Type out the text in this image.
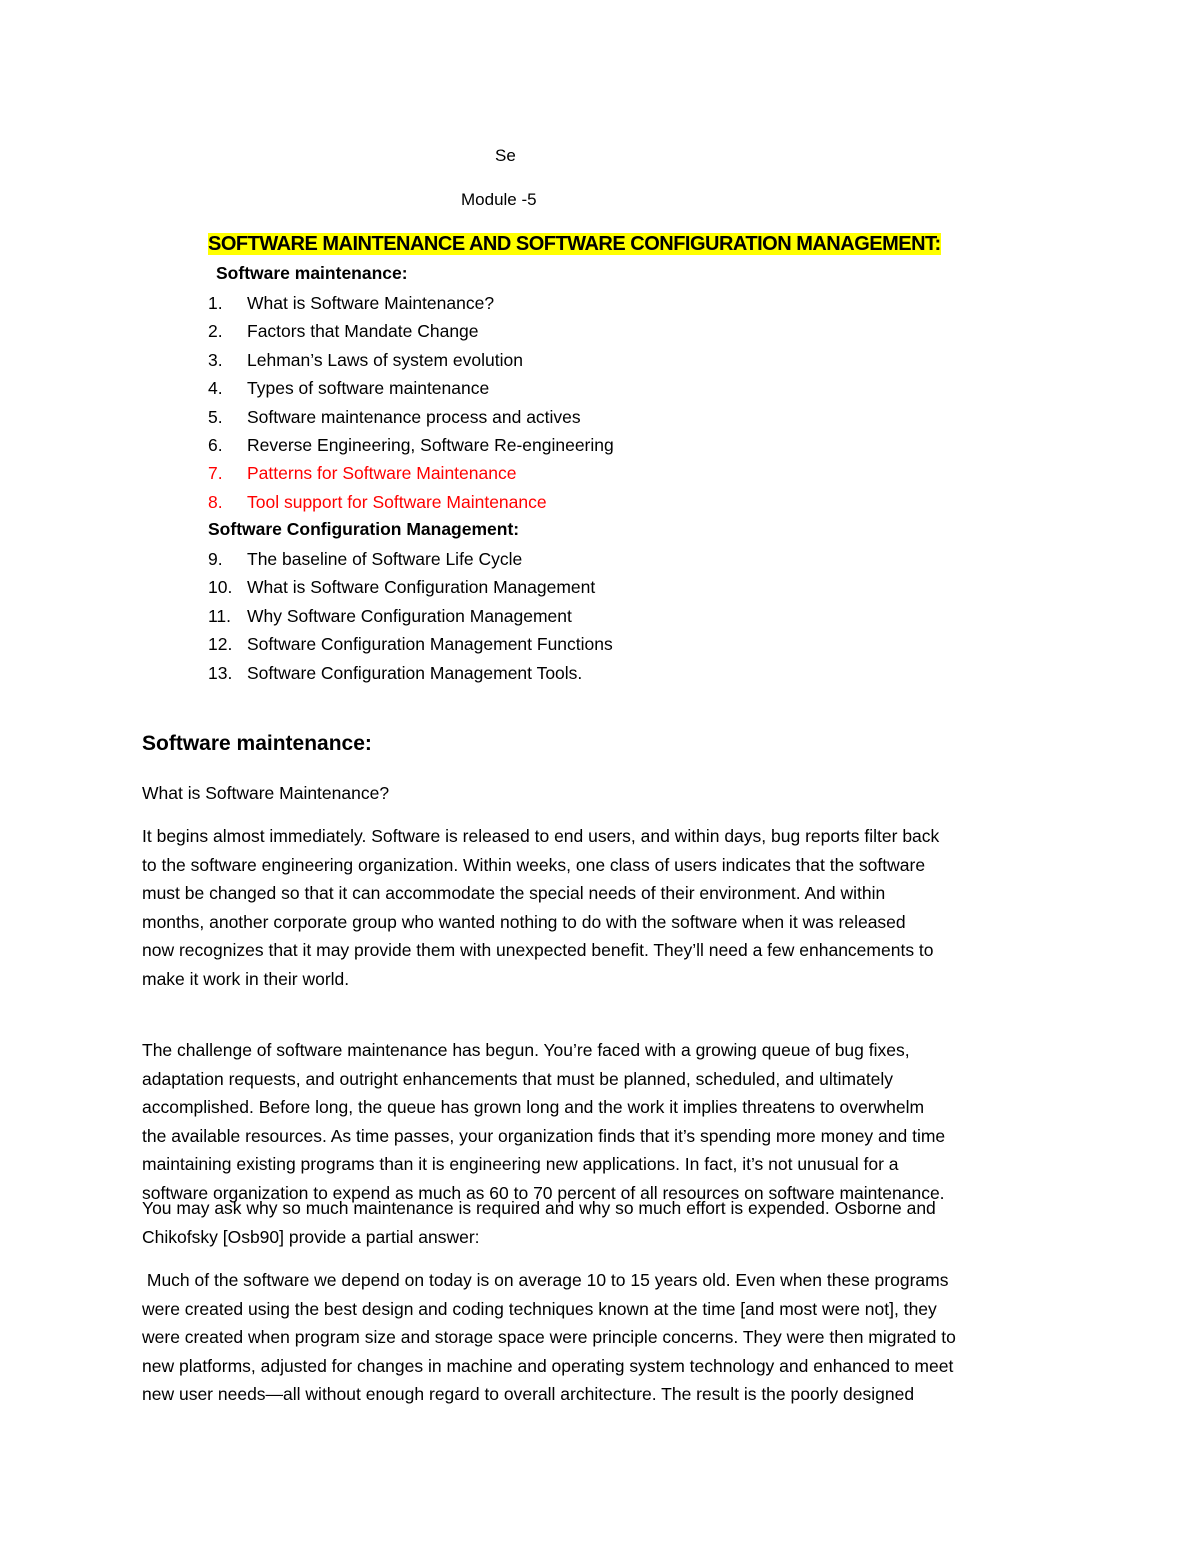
Se
Module -5
SOFTWARE MAINTENANCE AND SOFTWARE CONFIGURATION MANAGEMENT:
Software maintenance:
1. What is Software Maintenance?
2. Factors that Mandate Change
3. Lehman’s Laws of system evolution
4. Types of software maintenance
5. Software maintenance process and actives
6. Reverse Engineering, Software Re-engineering
7. Patterns for Software Maintenance
8. Tool support for Software Maintenance
Software Configuration Management:
9. The baseline of Software Life Cycle
10. What is Software Configuration Management
11. Why Software Configuration Management
12. Software Configuration Management Functions
13. Software Configuration Management Tools.
Software maintenance:
What is Software Maintenance?

It begins almost immediately. Software is released to end users, and within days, bug reports filter back
to the software engineering organization. Within weeks, one class of users indicates that the software
must be changed so that it can accommodate the special needs of their environment. And within
months, another corporate group who wanted nothing to do with the software when it was released
now recognizes that it may provide them with unexpected benefit. They’ll need a few enhancements to
make it work in their world.

The challenge of software maintenance has begun. You’re faced with a growing queue of bug fixes,
adaptation requests, and outright enhancements that must be planned, scheduled, and ultimately
accomplished. Before long, the queue has grown long and the work it implies threatens to overwhelm
the available resources. As time passes, your organization finds that it’s spending more money and time
maintaining existing programs than it is engineering new applications. In fact, it’s not unusual for a
software organization to expend as much as 60 to 70 percent of all resources on software maintenance.

You may ask why so much maintenance is required and why so much effort is expended. Osborne and
Chikofsky [Osb90] provide a partial answer:

Much of the software we depend on today is on average 10 to 15 years old. Even when these programs
were created using the best design and coding techniques known at the time [and most were not], they
were created when program size and storage space were principle concerns. They were then migrated to
new platforms, adjusted for changes in machine and operating system technology and enhanced to meet
new user needs—all without enough regard to overall architecture. The result is the poorly designed
